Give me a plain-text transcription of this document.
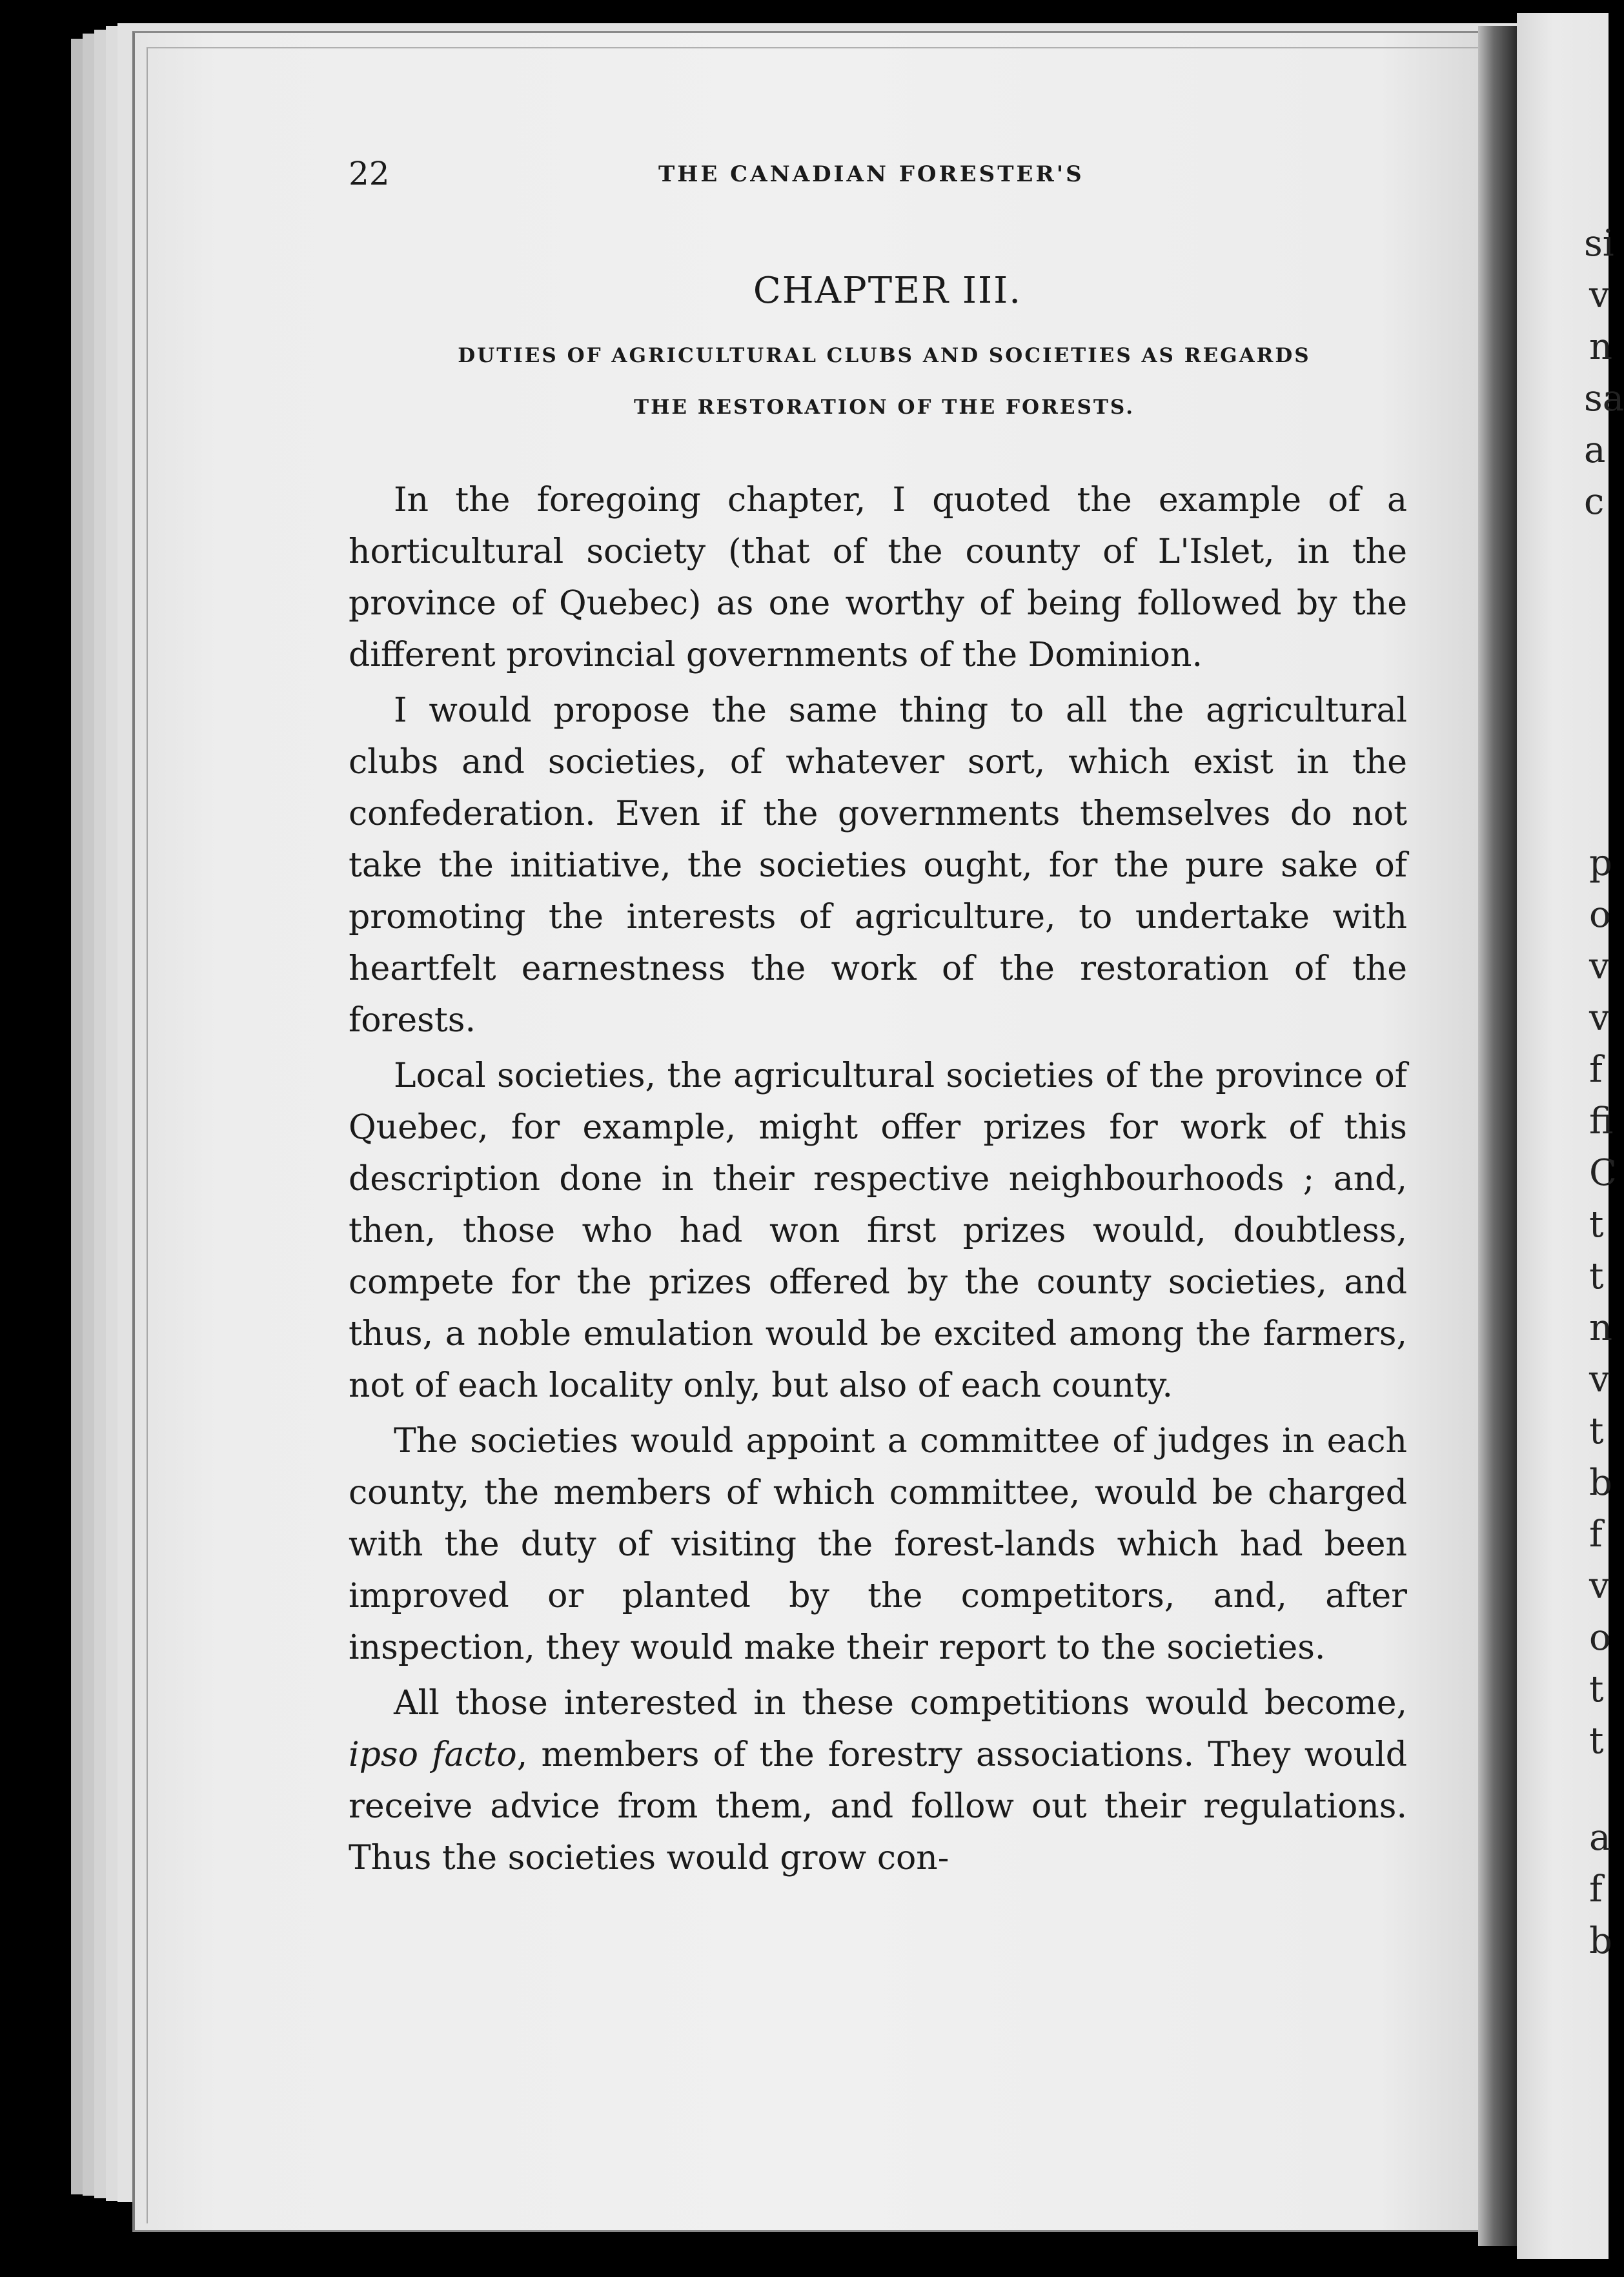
si
v
n
sa
a
c
p
o
v
v
f
fi
C
t
t
n
v
t
b
f
v
o
t
t
a
f
b
22	THE CANADIAN FORESTER'S
CHAPTER III.
DUTIES OF AGRICULTURAL CLUBS AND SOCIETIES AS REGARDS
THE RESTORATION OF THE FORESTS.

In the foregoing chapter, I quoted the example of a horticultural society (that of the county of L'Islet, in the province of Quebec) as one worthy of being followed by the different provincial governments of the Dominion.

I would propose the same thing to all the agricultural clubs and societies, of whatever sort, which exist in the confederation. Even if the governments themselves do not take the initiative, the societies ought, for the pure sake of promoting the interests of agriculture, to undertake with heartfelt earnestness the work of the restoration of the forests.

Local societies, the agricultural societies of the province of Quebec, for example, might offer prizes for work of this description done in their respective neighbourhoods ; and, then, those who had won first prizes would, doubtless, compete for the prizes offered by the county societies, and thus, a noble emulation would be excited among the farmers, not of each locality only, but also of each county.

The societies would appoint a committee of judges in each county, the members of which committee, would be charged with the duty of visiting the forest-lands which had been improved or planted by the competitors, and, after inspection, they would make their report to the societies.

All those interested in these competitions would become, ipso facto, members of the forestry associations. They would receive advice from them, and follow out their regulations. Thus the societies would grow con-
